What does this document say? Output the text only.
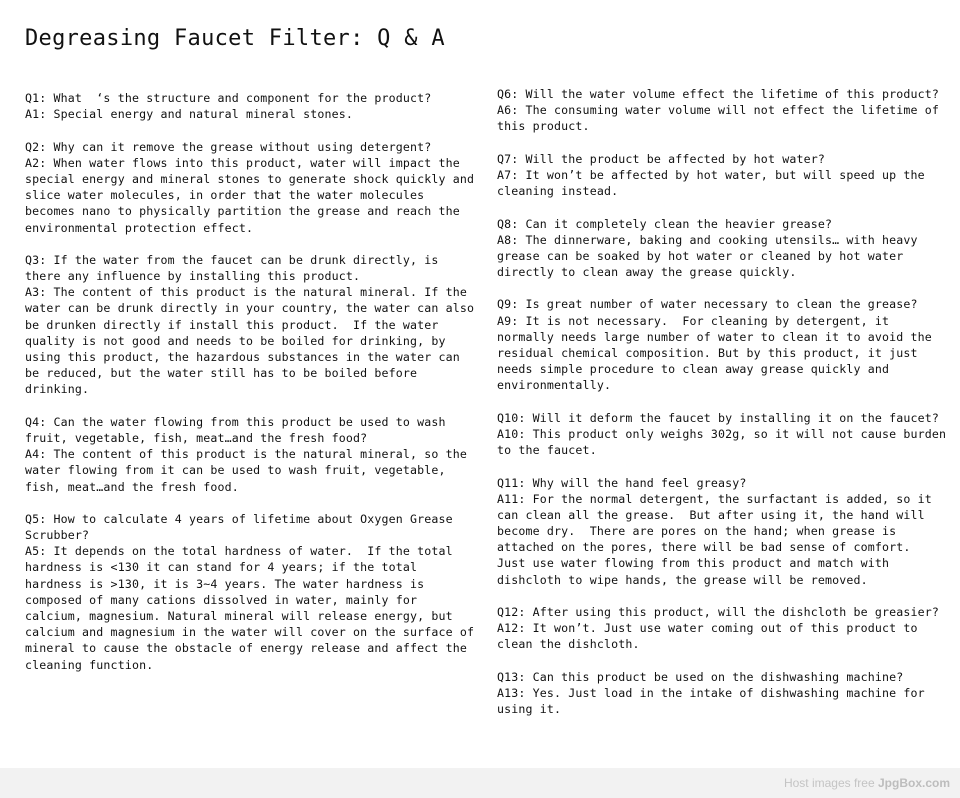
Degreasing Faucet Filter: Q & A
Q1: What  ‘s the structure and component for the product?
A1: Special energy and natural mineral stones.
Q2: Why can it remove the grease without using detergent?
A2: When water flows into this product, water will impact the
special energy and mineral stones to generate shock quickly and
slice water molecules, in order that the water molecules
becomes nano to physically partition the grease and reach the
environmental protection effect.
Q3: If the water from the faucet can be drunk directly, is
there any influence by installing this product.
A3: The content of this product is the natural mineral. If the
water can be drunk directly in your country, the water can also
be drunken directly if install this product.  If the water
quality is not good and needs to be boiled for drinking, by
using this product, the hazardous substances in the water can
be reduced, but the water still has to be boiled before
drinking.
Q4: Can the water flowing from this product be used to wash
fruit, vegetable, fish, meat…and the fresh food?
A4: The content of this product is the natural mineral, so the
water flowing from it can be used to wash fruit, vegetable,
fish, meat…and the fresh food.
Q5: How to calculate 4 years of lifetime about Oxygen Grease
Scrubber?
A5: It depends on the total hardness of water.  If the total
hardness is <130 it can stand for 4 years; if the total
hardness is >130, it is 3~4 years. The water hardness is
composed of many cations dissolved in water, mainly for
calcium, magnesium. Natural mineral will release energy, but
calcium and magnesium in the water will cover on the surface of
mineral to cause the obstacle of energy release and affect the
cleaning function.
Q6: Will the water volume effect the lifetime of this product?
A6: The consuming water volume will not effect the lifetime of
this product.
Q7: Will the product be affected by hot water?
A7: It won’t be affected by hot water, but will speed up the
cleaning instead.
Q8: Can it completely clean the heavier grease?
A8: The dinnerware, baking and cooking utensils… with heavy
grease can be soaked by hot water or cleaned by hot water
directly to clean away the grease quickly.
Q9: Is great number of water necessary to clean the grease?
A9: It is not necessary.  For cleaning by detergent, it
normally needs large number of water to clean it to avoid the
residual chemical composition. But by this product, it just
needs simple procedure to clean away grease quickly and
environmentally.
Q10: Will it deform the faucet by installing it on the faucet?
A10: This product only weighs 302g, so it will not cause burden
to the faucet.
Q11: Why will the hand feel greasy?
A11: For the normal detergent, the surfactant is added, so it
can clean all the grease.  But after using it, the hand will
become dry.  There are pores on the hand; when grease is
attached on the pores, there will be bad sense of comfort.
Just use water flowing from this product and match with
dishcloth to wipe hands, the grease will be removed.
Q12: After using this product, will the dishcloth be greasier?
A12: It won’t. Just use water coming out of this product to
clean the dishcloth.
Q13: Can this product be used on the dishwashing machine?
A13: Yes. Just load in the intake of dishwashing machine for
using it.
Host images free JpgBox.com
